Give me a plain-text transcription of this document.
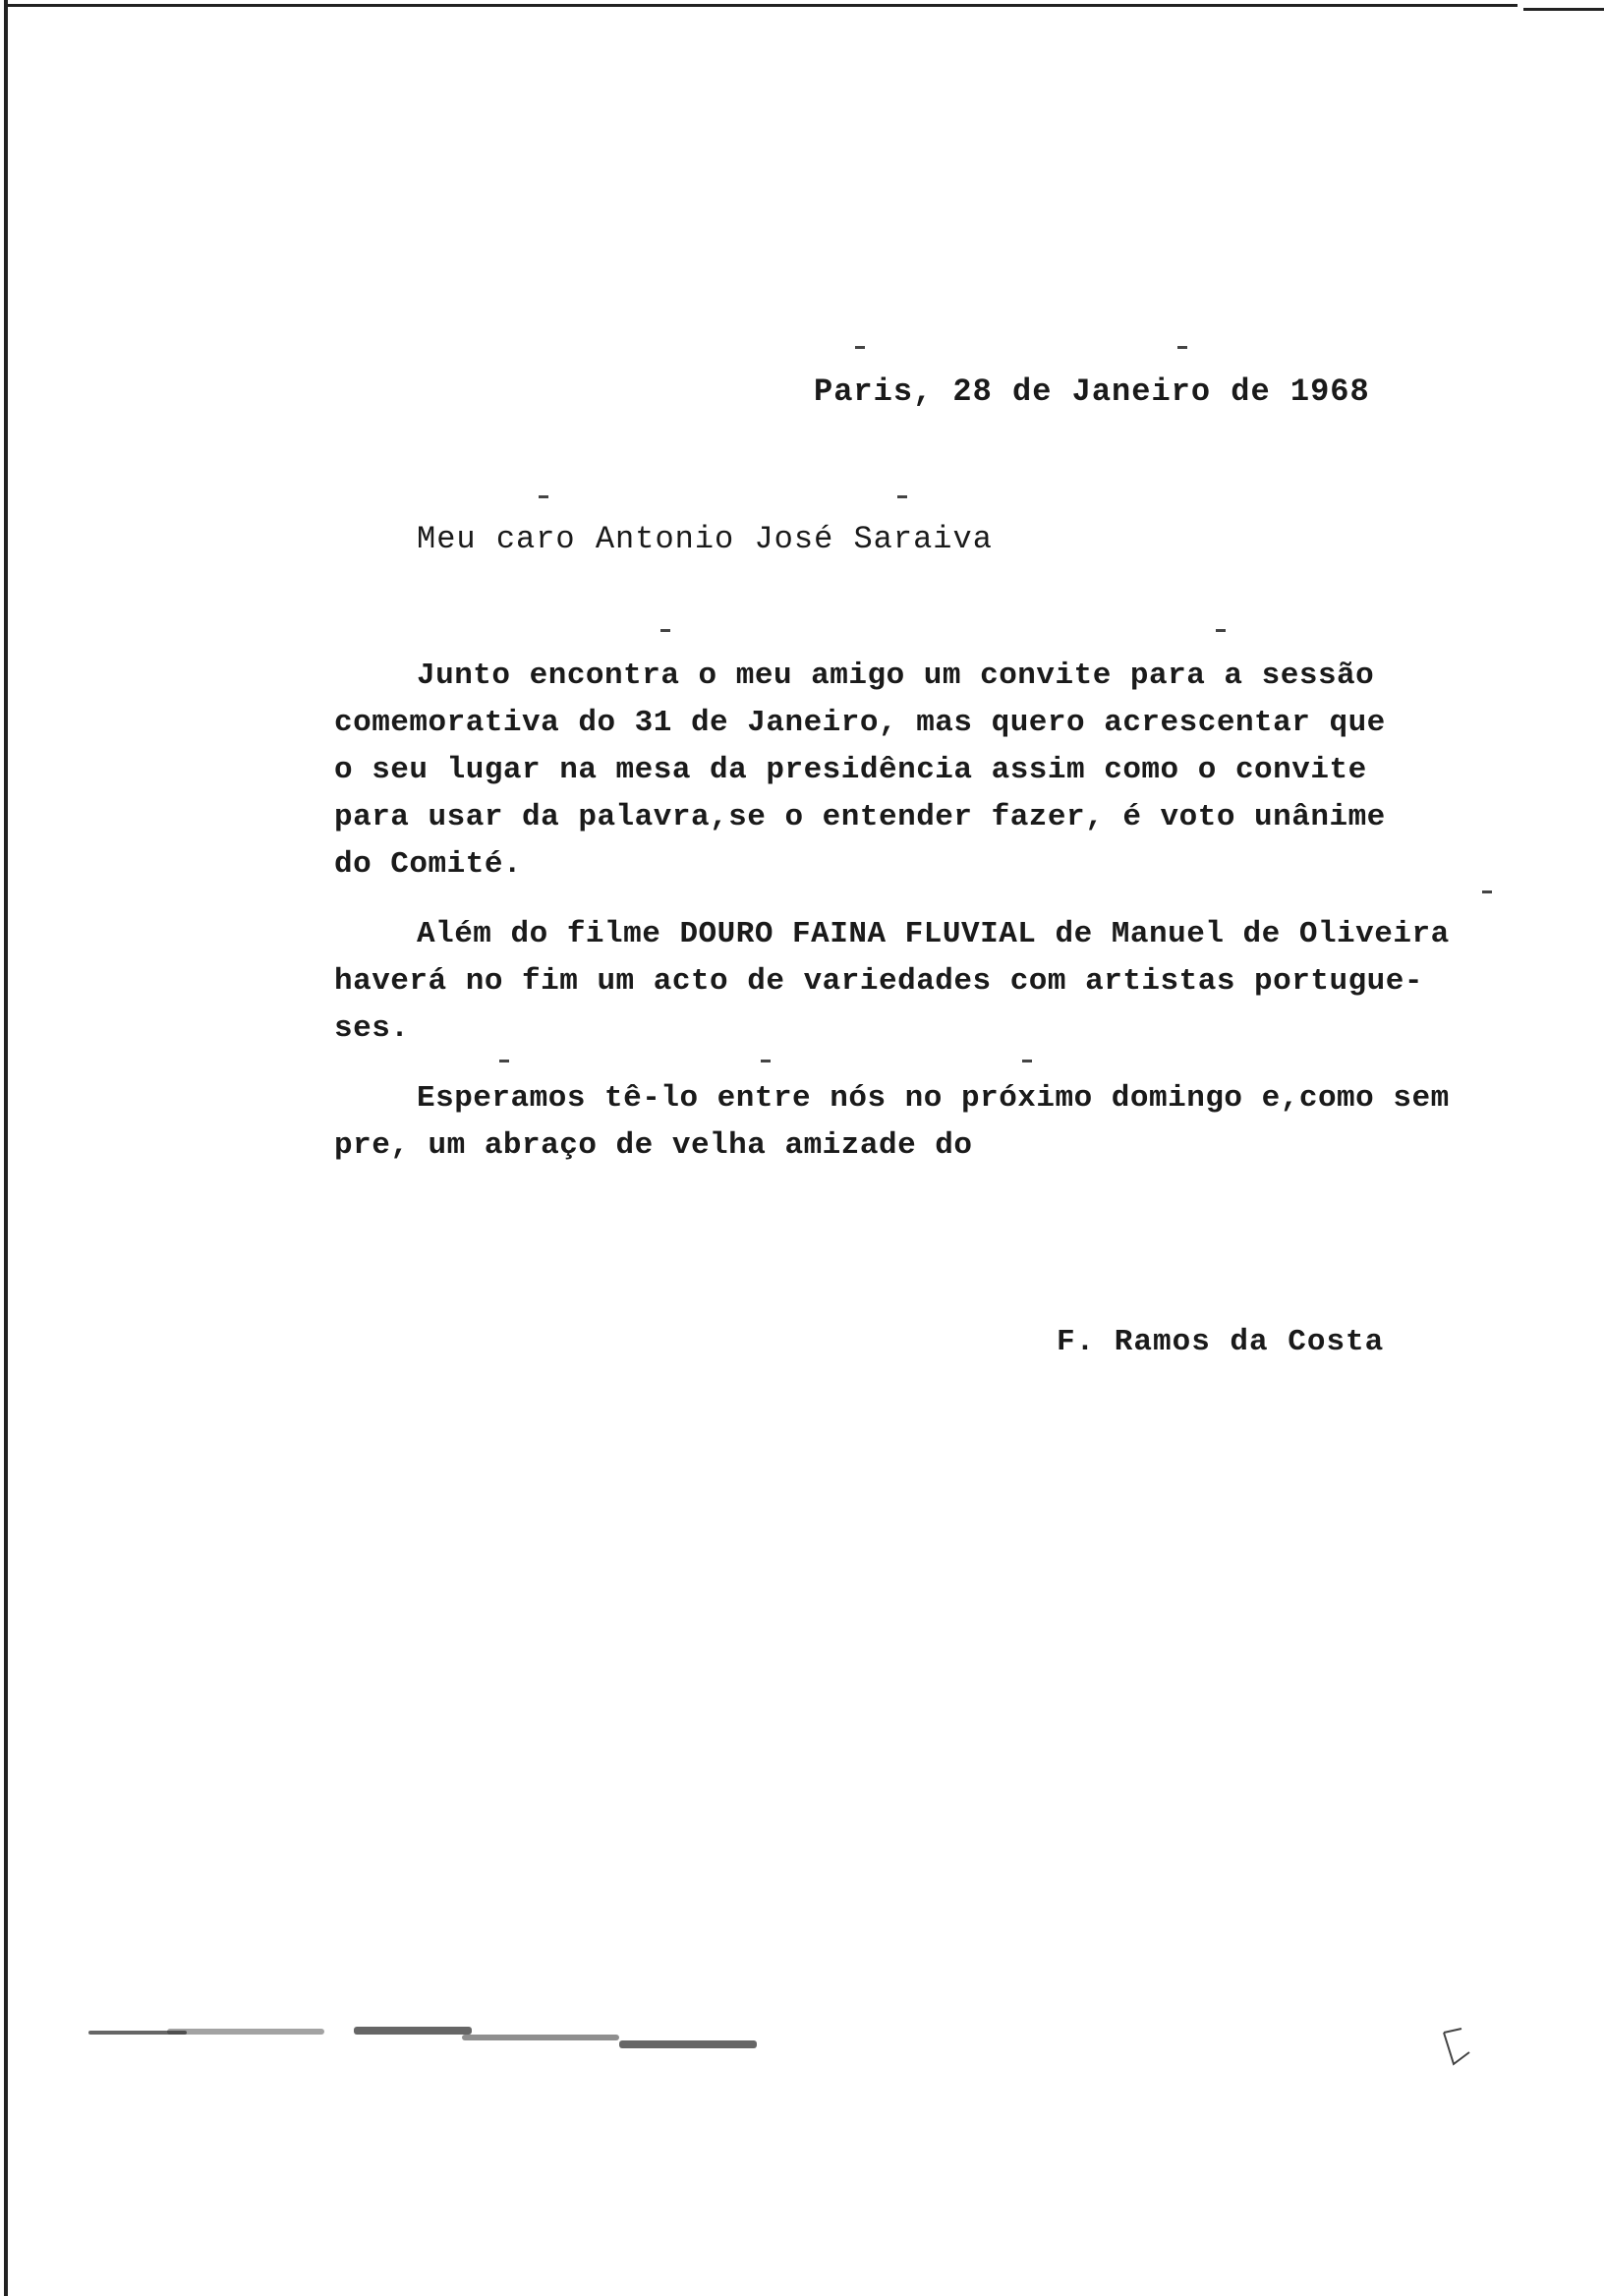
Paris, 28 de Janeiro de 1968
Meu caro Antonio José Saraiva

Junto encontra o meu amigo um convite para a sessão
comemorativa do 31 de Janeiro, mas quero acrescentar que
o seu lugar na mesa da presidência assim como o convite
para usar da palavra,se o entender fazer, é voto unânime
do Comité.

Além do filme DOURO FAINA FLUVIAL de Manuel de Oliveira
haverá no fim um acto de variedades com artistas portugue-
ses.

Esperamos tê-lo entre nós no próximo domingo e,como sem
pre, um abraço de velha amizade do

F. Ramos da Costa
